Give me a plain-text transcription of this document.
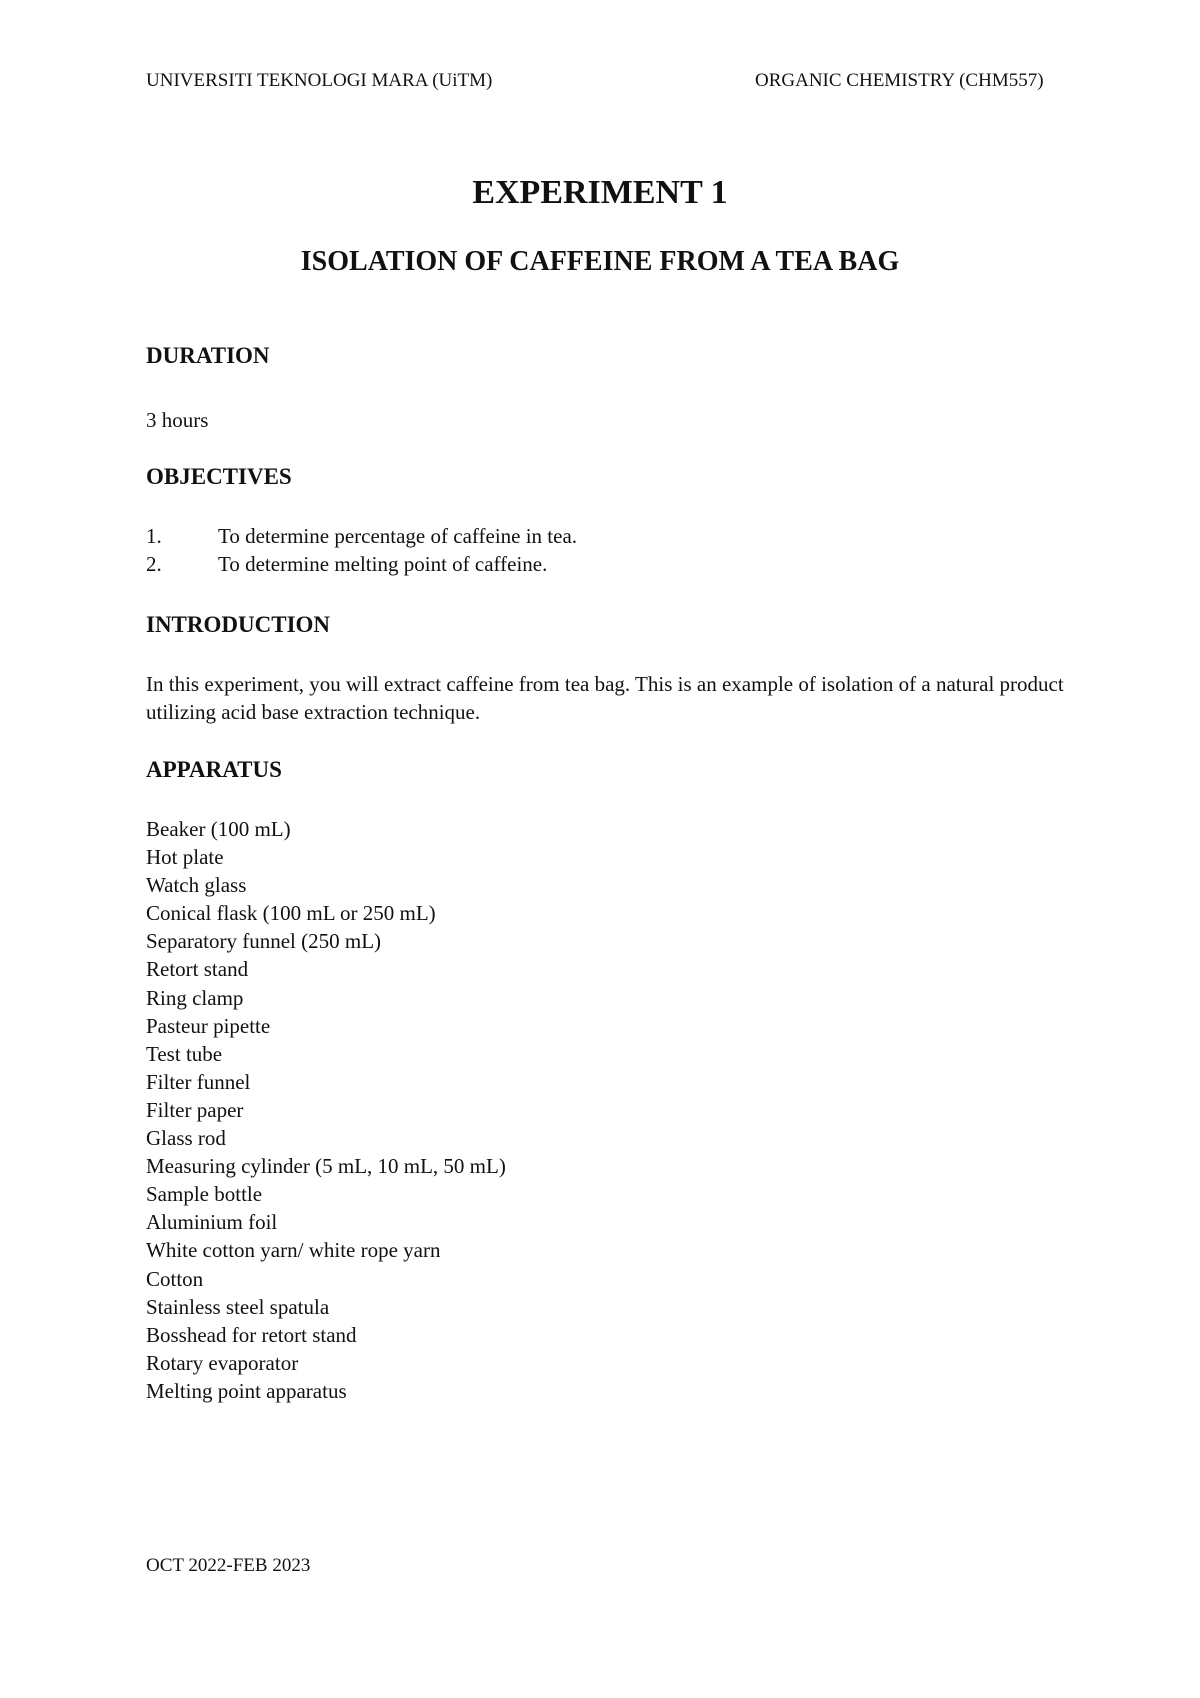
UNIVERSITI TEKNOLOGI MARA (UiTM)	ORGANIC CHEMISTRY (CHM557)
EXPERIMENT 1
ISOLATION OF CAFFEINE FROM A TEA BAG
DURATION
3 hours
OBJECTIVES
1.	To determine percentage of caffeine in tea.
2.	To determine melting point of caffeine.
INTRODUCTION
In this experiment, you will extract caffeine from tea bag. This is an example of isolation of a natural product utilizing acid base extraction technique.
APPARATUS
Beaker (100 mL)
Hot plate
Watch glass
Conical flask (100 mL or 250 mL)
Separatory funnel (250 mL)
Retort stand
Ring clamp
Pasteur pipette
Test tube
Filter funnel
Filter paper
Glass rod
Measuring cylinder (5 mL, 10 mL, 50 mL)
Sample bottle
Aluminium foil
White cotton yarn/ white rope yarn
Cotton
Stainless steel spatula
Bosshead for retort stand
Rotary evaporator
Melting point apparatus
OCT 2022-FEB 2023
